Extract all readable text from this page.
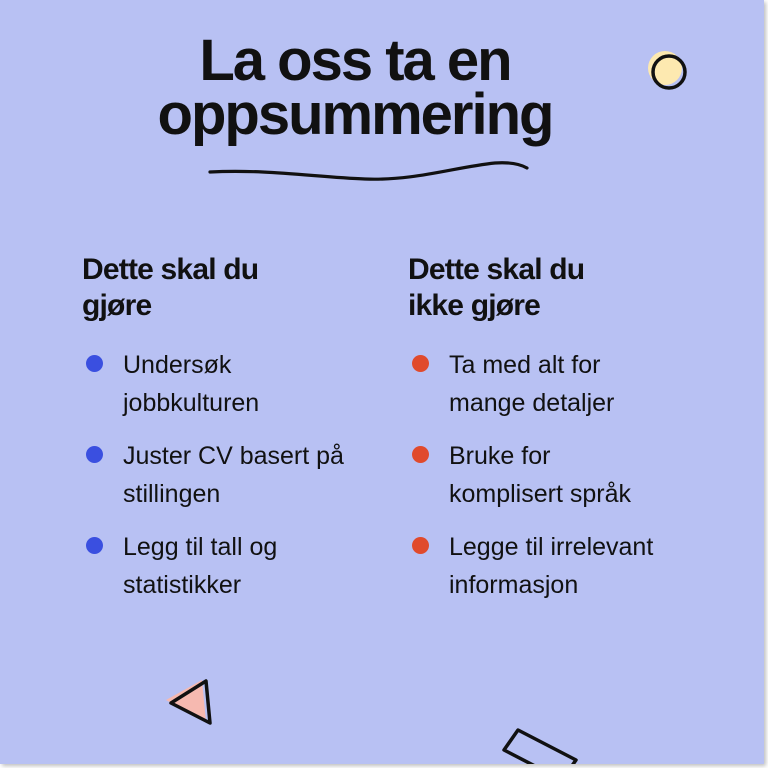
La oss ta en
oppsummering
Dette skal du
gjøre
Undersøk
jobbkulturen
Juster CV basert på
stillingen
Legg til tall og
statistikker
Dette skal du
ikke gjøre
Ta med alt for
mange detaljer
Bruke for
komplisert språk
Legge til irrelevant
informasjon
